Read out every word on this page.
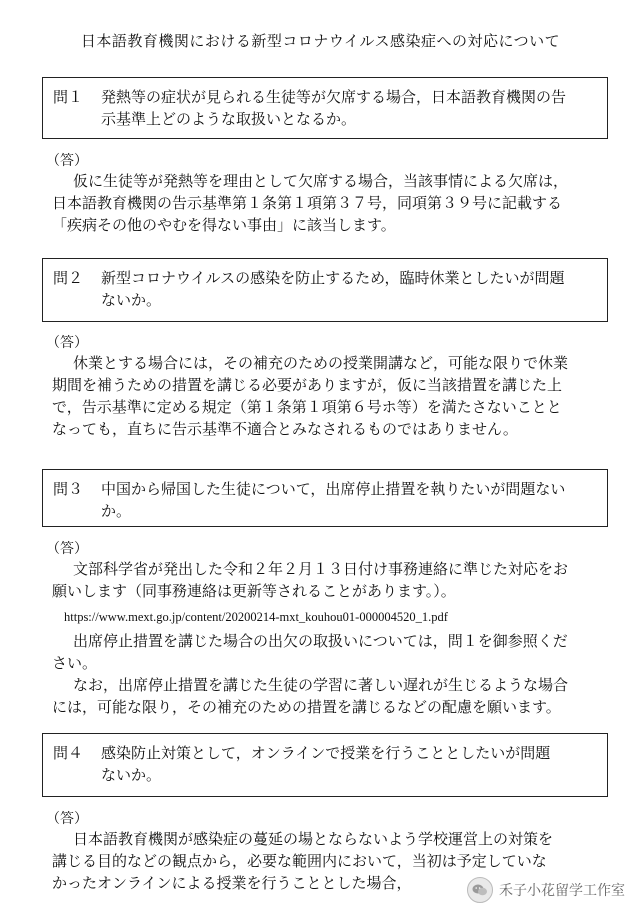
日本語教育機関における新型コロナウイルス感染症への対応について
問１ 発熱等の症状が見られる生徒等が欠席する場合，日本語教育機関の告
示基準上どのような取扱いとなるか。
（答）

仮に生徒等が発熱等を理由として欠席する場合，当該事情による欠席は，

日本語教育機関の告示基準第１条第１項第３７号，同項第３９号に記載する

「疾病その他のやむを得ない事由」に該当します。

問２ 新型コロナウイルスの感染を防止するため，臨時休業としたいが問題
ないか。
（答）

休業とする場合には，その補充のための授業開講など，可能な限りで休業

期間を補うための措置を講じる必要がありますが，仮に当該措置を講じた上

で，告示基準に定める規定（第１条第１項第６号ホ等）を満たさないことと

なっても，直ちに告示基準不適合とみなされるものではありません。

問３ 中国から帰国した生徒について，出席停止措置を執りたいが問題ない
か。
（答）

文部科学省が発出した令和２年２月１３日付け事務連絡に準じた対応をお

願いします（同事務連絡は更新等されることがあります。）。

https://www.mext.go.jp/content/20200214-mxt_kouhou01-000004520_1.pdf

出席停止措置を講じた場合の出欠の取扱いについては，問１を御参照くだ

さい。

なお，出席停止措置を講じた生徒の学習に著しい遅れが生じるような場合

には，可能な限り，その補充のための措置を講じるなどの配慮を願います。

問４ 感染防止対策として，オンラインで授業を行うこととしたいが問題
ないか。
（答）

日本語教育機関が感染症の蔓延の場とならないよう学校運営上の対策を

講じる目的などの観点から，必要な範囲内において，当初は予定していな

かったオンラインによる授業を行うこととした場合，	禾子小花留学工作室
